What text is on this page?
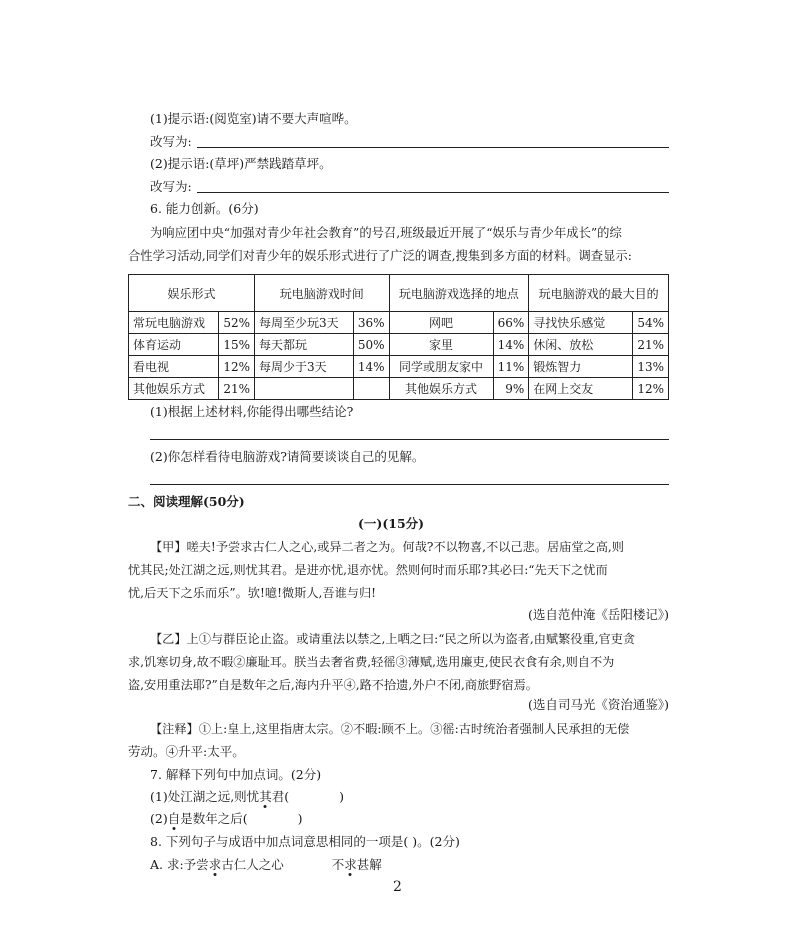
(1)提示语:(阅览室)请不要大声喧哗。
改写为:
(2)提示语:(草坪)严禁践踏草坪。
改写为:
6. 能力创新。(6分)
为响应团中央“加强对青少年社会教育”的号召,班级最近开展了“娱乐与青少年成长”的综
合性学习活动,同学们对青少年的娱乐形式进行了广泛的调查,搜集到多方面的材料。调查显示:
娱乐形式		玩电脑游戏时间		玩电脑游戏选择的地点		玩电脑游戏的最大目的	
常玩电脑游戏	52%	每周至少玩3天	36%	网吧	66%	寻找快乐感觉	54%
体育运动	15%	每天都玩	50%	家里	14%	休闲、放松	21%
看电视	12%	每周少于3天	14%	同学或朋友家中	11%	锻炼智力	13%
其他娱乐方式	21%			其他娱乐方式	9%	在网上交友	12%
(1)根据上述材料,你能得出哪些结论?
(2)你怎样看待电脑游戏?请简要谈谈自己的见解。
二、阅读理解(50分)
(一)(15分)
【甲】嗟夫!予尝求古仁人之心,或异二者之为。何哉?不以物喜,不以己悲。居庙堂之高,则
忧其民;处江湖之远,则忧其君。是进亦忧,退亦忧。然则何时而乐耶?其必曰:“先天下之忧而
忧,后天下之乐而乐”。欤!噫!微斯人,吾谁与归!
(选自范仲淹《岳阳楼记》)
【乙】上①与群臣论止盗。或请重法以禁之,上哂之曰:“民之所以为盗者,由赋繁役重,官吏贪
求,饥寒切身,故不暇②廉耻耳。朕当去奢省费,轻徭③薄赋,选用廉吏,使民衣食有余,则自不为
盗,安用重法耶?”自是数年之后,海内升平④,路不拾遗,外户不闭,商旅野宿焉。
(选自司马光《资治通鉴》)
【注释】①上:皇上,这里指唐太宗。②不暇:顾不上。③徭:古时统治者强制人民承担的无偿
劳动。④升平:太平。
7. 解释下列句中加点词。(2分)
(1)处江湖之远,则忧其君(	)
(2)自是数年之后(	)
8. 下列句子与成语中加点词意思相同的一项是( )。(2分)
A. 求:予尝求古仁人之心	不求甚解
2
